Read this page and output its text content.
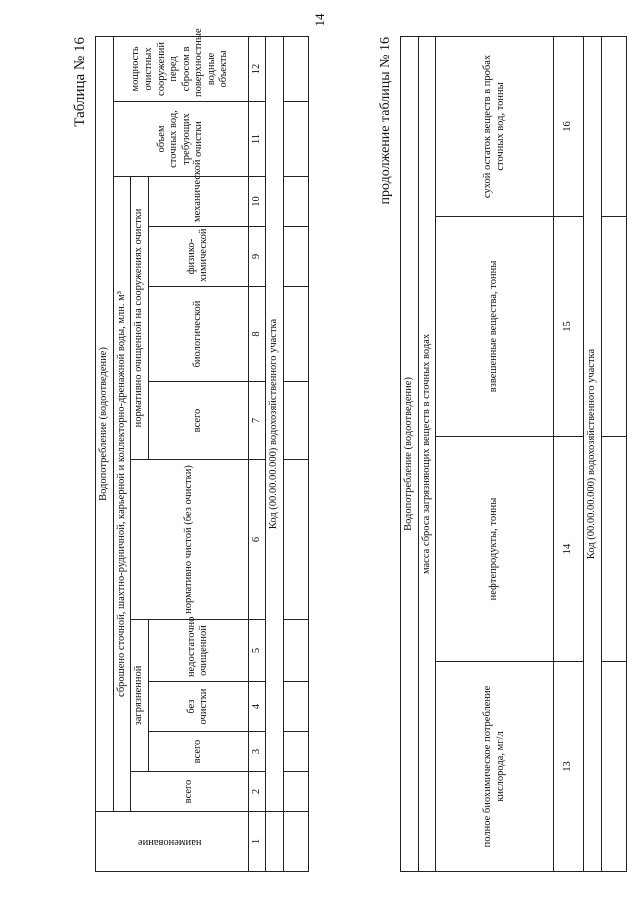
14
Таблица № 16
наименование	Водопотребление (водоотведение)										
	сброшено сточной, шахтно-рудничной, карьерной и коллекторно-дренажной воды, млн. м³									объем сточных вод, требующих очистки	мощность очистных сооружений перед сбросом в поверхностные водные объекты
	всего	загрязненной			нормативно чистой (без очистки)	нормативно очищенной на сооружениях очистки					
		всего	без очистки	недостаточно очищенной		всего	биологической	физико-химической	механической		

1	2	3	4	5	6	7	8	9	10	11	12
	Код (00.00.00.000) водохозяйственного участка										

продолжение таблицы № 16
Водопотребление (водоотведение)			
масса сброса загрязняющих веществ в сточных водах			
полное биохимическое потребление кислорода, мг/л	нефтепродукты, тонны	взвешенные вещества, тонны	сухой остаток веществ в пробах сточных вод, тонны
13	14	15	16
Код (00.00.00.000) водохозяйственного участка			
